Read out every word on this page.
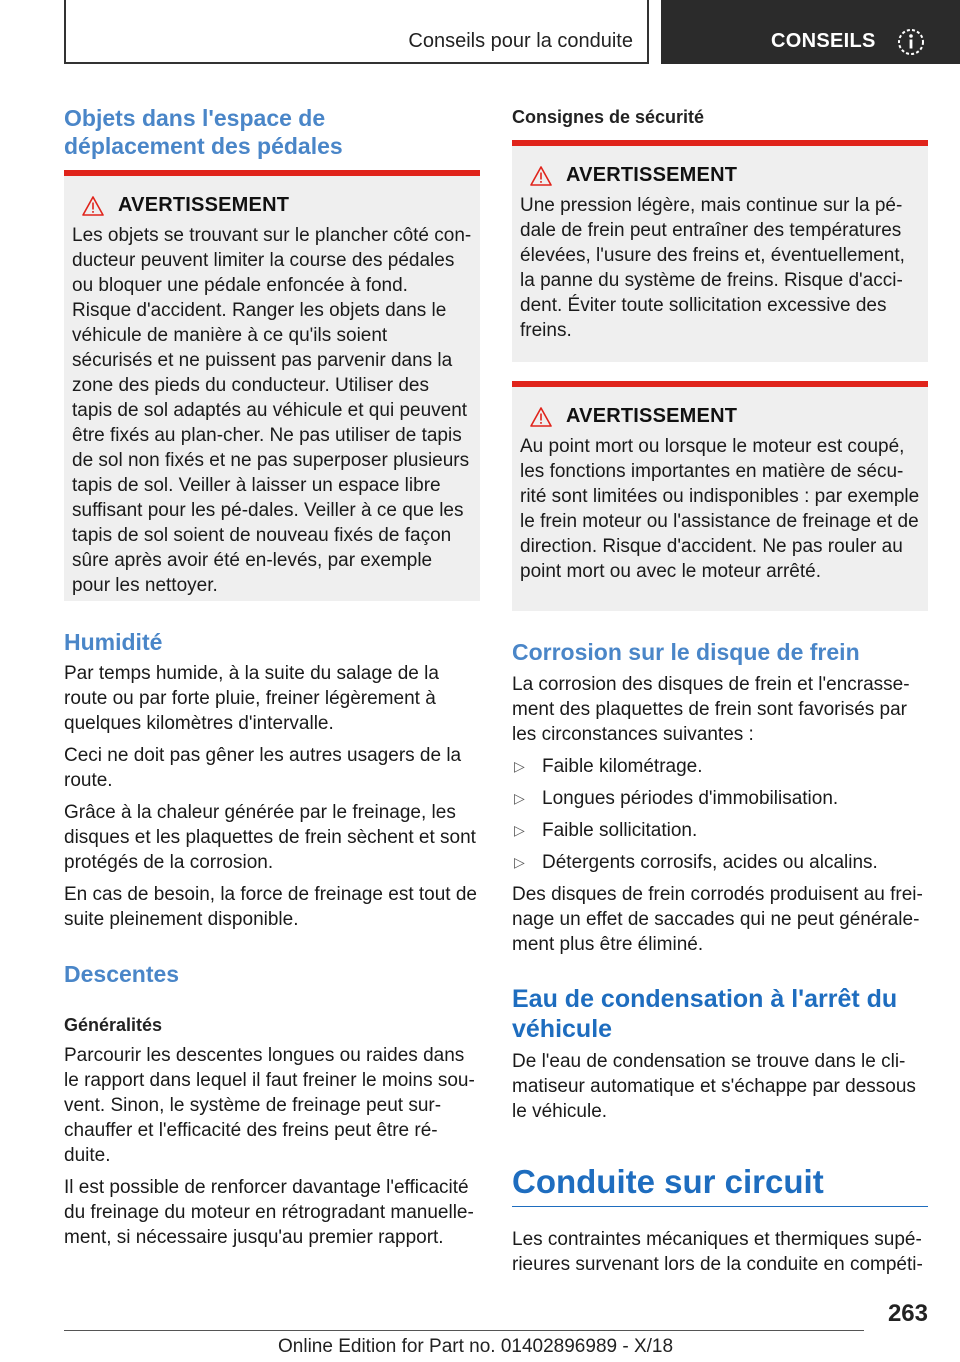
Conseils pour la conduite	CONSEILS
Objets dans l'espace de déplacement des pédales
AVERTISSEMENT

Les objets se trouvant sur le plancher côté con‐ducteur peuvent limiter la course des pédales ou bloquer une pédale enfoncée à fond. Risque d'accident. Ranger les objets dans le véhicule de manière à ce qu'ils soient sécurisés et ne puissent pas parvenir dans la zone des pieds du conducteur. Utiliser des tapis de sol adaptés au véhicule et qui peuvent être fixés au plan‐cher. Ne pas utiliser de tapis de sol non fixés et ne pas superposer plusieurs tapis de sol. Veiller à laisser un espace libre suffisant pour les pé‐dales. Veiller à ce que les tapis de sol soient de nouveau fixés de façon sûre après avoir été en‐levés, par exemple pour les nettoyer.

Humidité

Par temps humide, à la suite du salage de la route ou par forte pluie, freiner légèrement à quelques kilomètres d'intervalle.

Ceci ne doit pas gêner les autres usagers de la route.

Grâce à la chaleur générée par le freinage, les disques et les plaquettes de frein sèchent et sont protégés de la corrosion.

En cas de besoin, la force de freinage est tout de suite pleinement disponible.

Descentes
Généralités

Parcourir les descentes longues ou raides dans le rapport dans lequel il faut freiner le moins sou‐vent. Sinon, le système de freinage peut sur‐chauffer et l'efficacité des freins peut être ré‐duite.

Il est possible de renforcer davantage l'efficacité du freinage du moteur en rétrogradant manuelle‐ment, si nécessaire jusqu'au premier rapport.

Consignes de sécurité
AVERTISSEMENT

Une pression légère, mais continue sur la pé‐dale de frein peut entraîner des températures élevées, l'usure des freins et, éventuellement, la panne du système de freins. Risque d'acci‐dent. Éviter toute sollicitation excessive des freins.

AVERTISSEMENT

Au point mort ou lorsque le moteur est coupé, les fonctions importantes en matière de sécu‐rité sont limitées ou indisponibles : par exemple le frein moteur ou l'assistance de freinage et de direction. Risque d'accident. Ne pas rouler au point mort ou avec le moteur arrêté.

Corrosion sur le disque de frein

La corrosion des disques de frein et l'encrasse‐ment des plaquettes de frein sont favorisés par les circonstances suivantes :

▷ Faible kilométrage.
▷ Longues périodes d'immobilisation.
▷ Faible sollicitation.
▷ Détergents corrosifs, acides ou alcalins.

Des disques de frein corrodés produisent au frei‐nage un effet de saccades qui ne peut générale‐ment plus être éliminé.

Eau de condensation à l'arrêt du véhicule

De l'eau de condensation se trouve dans le cli‐matiseur automatique et s'échappe par dessous le véhicule.

Conduite sur circuit

Les contraintes mécaniques et thermiques supé‐rieures survenant lors de la conduite en compéti‐

263
Online Edition for Part no. 01402896989 - X/18
